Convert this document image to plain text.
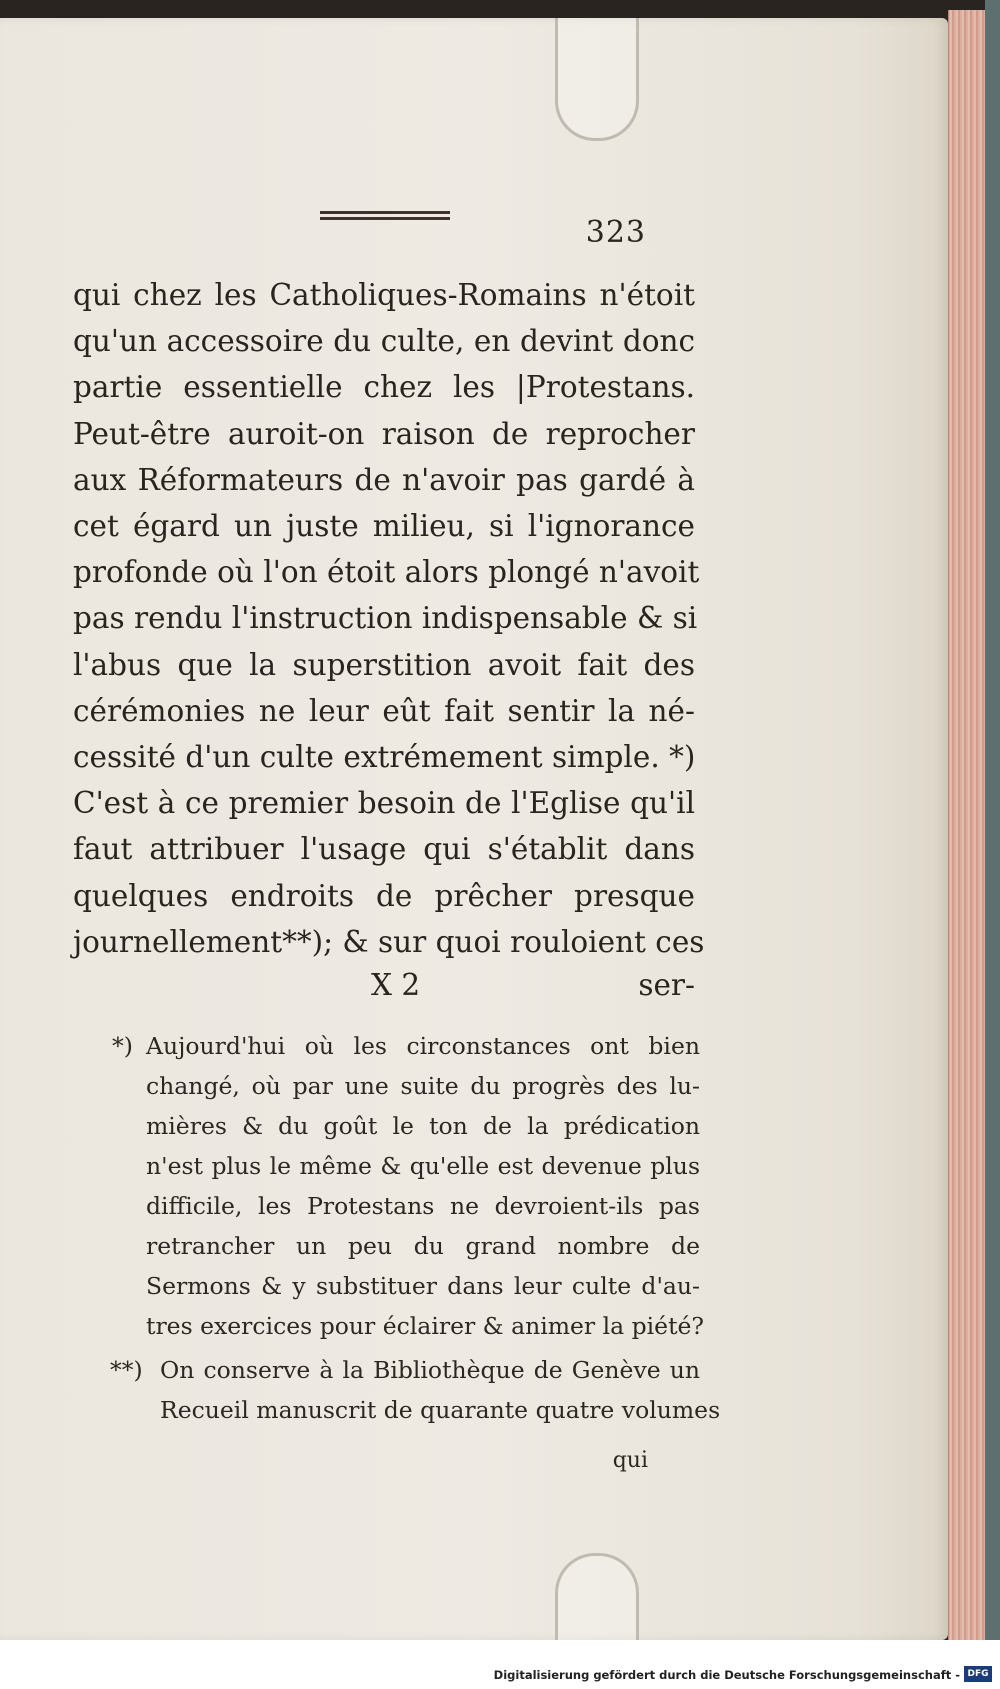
323
qui chez les Catholiques-Romains n'étoit
qu'un accessoire du culte, en devint donc
partie essentielle chez les |Protestans.
Peut-être auroit-on raison de reprocher
aux Réformateurs de n'avoir pas gardé à
cet égard un juste milieu, si l'ignorance
profonde où l'on étoit alors plongé n'avoit
pas rendu l'instruction indispensable & si
l'abus que la superstition avoit fait des
cérémonies ne leur eût fait sentir la né-
cessité d'un culte extrémement simple. *)
C'est à ce premier besoin de l'Eglise qu'il
faut attribuer l'usage qui s'établit dans
quelques endroits de prêcher presque
journellement**); & sur quoi rouloient ces
X 2	ser-
*) Aujourd'hui où les circonstances ont bien
changé, où par une suite du progrès des lu-
mières & du goût le ton de la prédication
n'est plus le même & qu'elle est devenue plus
difficile, les Protestans ne devroient-ils pas
retrancher un peu du grand nombre de
Sermons & y substituer dans leur culte d'au-
tres exercices pour éclairer & animer la piété?
**) On conserve à la Bibliothèque de Genève un
Recueil manuscrit de quarante quatre volumes
qui
Digitalisierung gefördert durch die Deutsche Forschungsgemeinschaft - DFG
